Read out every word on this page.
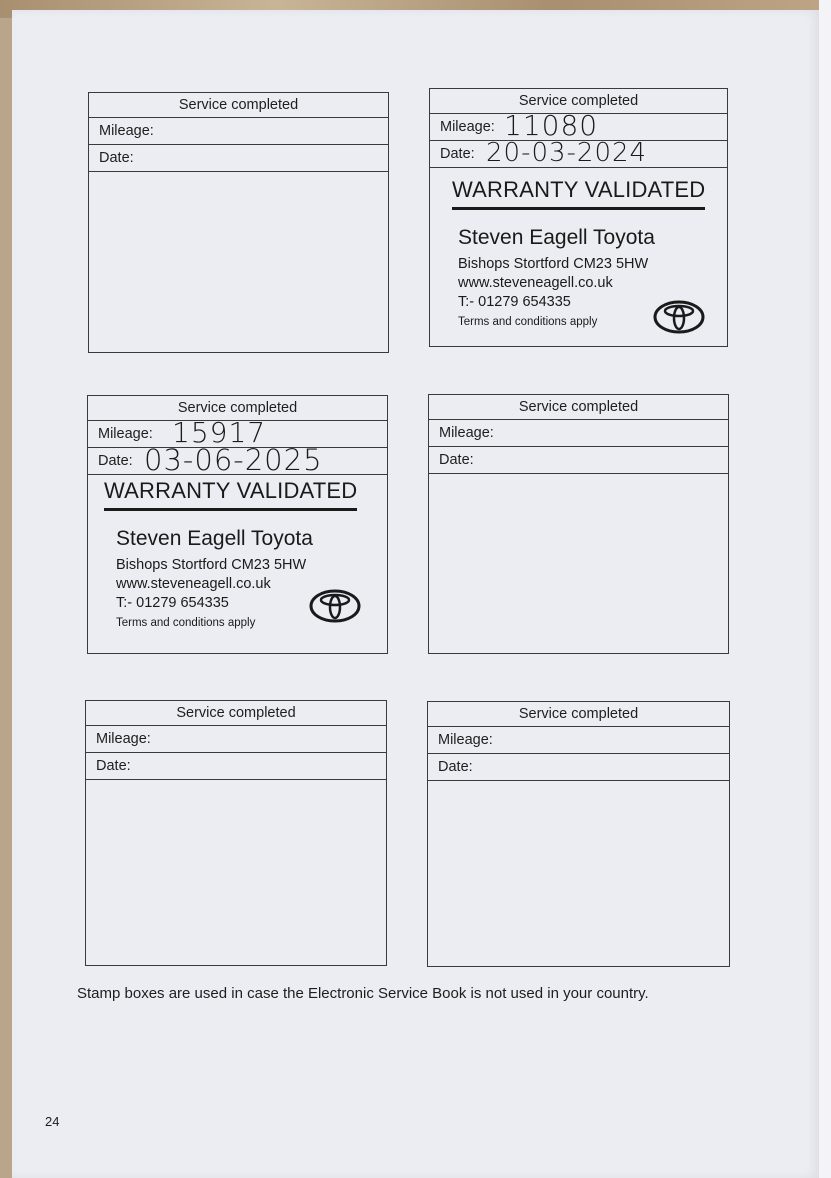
Service completed
Mileage:
Date:
Service completed
Mileage: 11080
Date: 20-03-2024
WARRANTY VALIDATED
Steven Eagell Toyota
Bishops Stortford CM23 5HW
www.steveneagell.co.uk
T:- 01279 654335
Terms and conditions apply
Service completed
Mileage: 15917
Date: 03-06-2025
WARRANTY VALIDATED
Steven Eagell Toyota
Bishops Stortford CM23 5HW
www.steveneagell.co.uk
T:- 01279 654335
Terms and conditions apply
Service completed
Mileage:
Date:
Service completed
Mileage:
Date:
Service completed
Mileage:
Date:
Stamp boxes are used in case the Electronic Service Book is not used in your country.
24
